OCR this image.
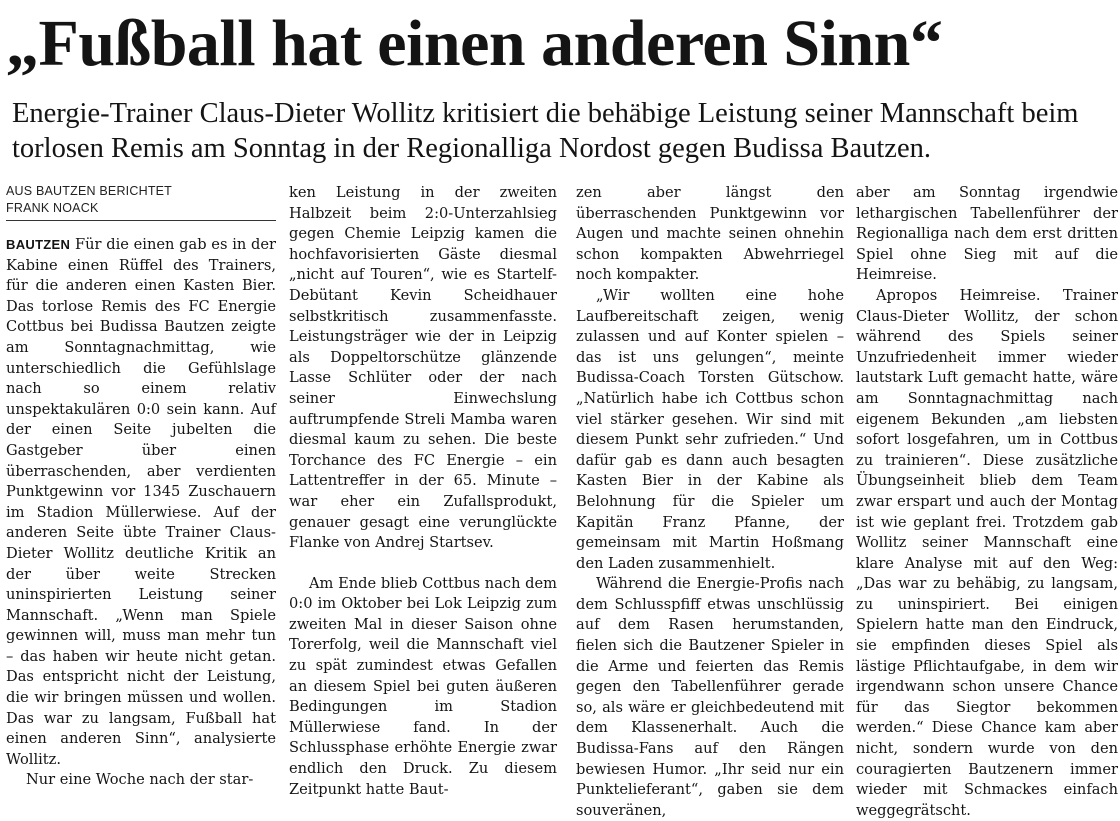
„Fußball hat einen anderen Sinn“

Energie-Trainer Claus-Dieter Wollitz kritisiert die behäbige Leistung seiner Mannschaft beim torlosen Remis am Sonntag in der Regionalliga Nordost gegen Budissa Bautzen.

AUS BAUTZEN BERICHTET
FRANK NOACK

BAUTZEN Für die einen gab es in der Kabine einen Rüffel des Trainers, für die anderen einen Kasten Bier. Das torlose Remis des FC Energie Cottbus bei Budissa Bautzen zeigte am Sonntagnachmittag, wie unterschiedlich die Gefühlslage nach so einem relativ unspektakulären 0:0 sein kann. Auf der einen Seite jubelten die Gastgeber über einen überraschenden, aber verdienten Punktgewinn vor 1345 Zuschauern im Stadion Müllerwiese. Auf der anderen Seite übte Trainer Claus-Dieter Wollitz deutliche Kritik an der über weite Strecken uninspirierten Leistung seiner Mannschaft. „Wenn man Spiele gewinnen will, muss man mehr tun – das haben wir heute nicht getan. Das entspricht nicht der Leistung, die wir bringen müssen und wollen. Das war zu langsam, Fußball hat einen anderen Sinn“, analysierte Wollitz.

Nur eine Woche nach der star-

ken Leistung in der zweiten Halbzeit beim 2:0-Unterzahlsieg gegen Chemie Leipzig kamen die hochfavorisierten Gäste diesmal „nicht auf Touren“, wie es Startelf-Debütant Kevin Scheidhauer selbstkritisch zusammenfasste. Leistungsträger wie der in Leipzig als Doppeltorschütze glänzende Lasse Schlüter oder der nach seiner Einwechslung auftrumpfende Streli Mamba waren diesmal kaum zu sehen. Die beste Torchance des FC Energie – ein Lattentreffer in der 65. Minute – war eher ein Zufallsprodukt, genauer gesagt eine verunglückte Flanke von Andrej Startsev.

Am Ende blieb Cottbus nach dem 0:0 im Oktober bei Lok Leipzig zum zweiten Mal in dieser Saison ohne Torerfolg, weil die Mannschaft viel zu spät zumindest etwas Gefallen an diesem Spiel bei guten äußeren Bedingungen im Stadion Müllerwiese fand. In der Schlussphase erhöhte Energie zwar endlich den Druck. Zu diesem Zeitpunkt hatte Baut-

zen aber längst den überraschenden Punktgewinn vor Augen und machte seinen ohnehin schon kompakten Abwehrriegel noch kompakter.

„Wir wollten eine hohe Laufbereitschaft zeigen, wenig zulassen und auf Konter spielen – das ist uns gelungen“, meinte Budissa-Coach Torsten Gütschow. „Natürlich habe ich Cottbus schon viel stärker gesehen. Wir sind mit diesem Punkt sehr zufrieden.“ Und dafür gab es dann auch besagten Kasten Bier in der Kabine als Belohnung für die Spieler um Kapitän Franz Pfanne, der gemeinsam mit Martin Hoßmang den Laden zusammenhielt.

Während die Energie-Profis nach dem Schlusspfiff etwas unschlüssig auf dem Rasen herumstanden, fielen sich die Bautzener Spieler in die Arme und feierten das Remis gegen den Tabellenführer gerade so, als wäre er gleichbedeutend mit dem Klassenerhalt. Auch die Budissa-Fans auf den Rängen bewiesen Humor. „Ihr seid nur ein Punktelieferant“, gaben sie dem souveränen,

aber am Sonntag irgendwie lethargischen Tabellenführer der Regionalliga nach dem erst dritten Spiel ohne Sieg mit auf die Heimreise.

Apropos Heimreise. Trainer Claus-Dieter Wollitz, der schon während des Spiels seiner Unzufriedenheit immer wieder lautstark Luft gemacht hatte, wäre am Sonntagnachmittag nach eigenem Bekunden „am liebsten sofort losgefahren, um in Cottbus zu trainieren“. Diese zusätzliche Übungseinheit blieb dem Team zwar erspart und auch der Montag ist wie geplant frei. Trotzdem gab Wollitz seiner Mannschaft eine klare Analyse mit auf den Weg: „Das war zu behäbig, zu langsam, zu uninspiriert. Bei einigen Spielern hatte man den Eindruck, sie empfinden dieses Spiel als lästige Pflichtaufgabe, in dem wir irgendwann schon unsere Chance für das Siegtor bekommen werden.“ Diese Chance kam aber nicht, sondern wurde von den couragierten Bautzenern immer wieder mit Schmackes einfach weggegrätscht.
